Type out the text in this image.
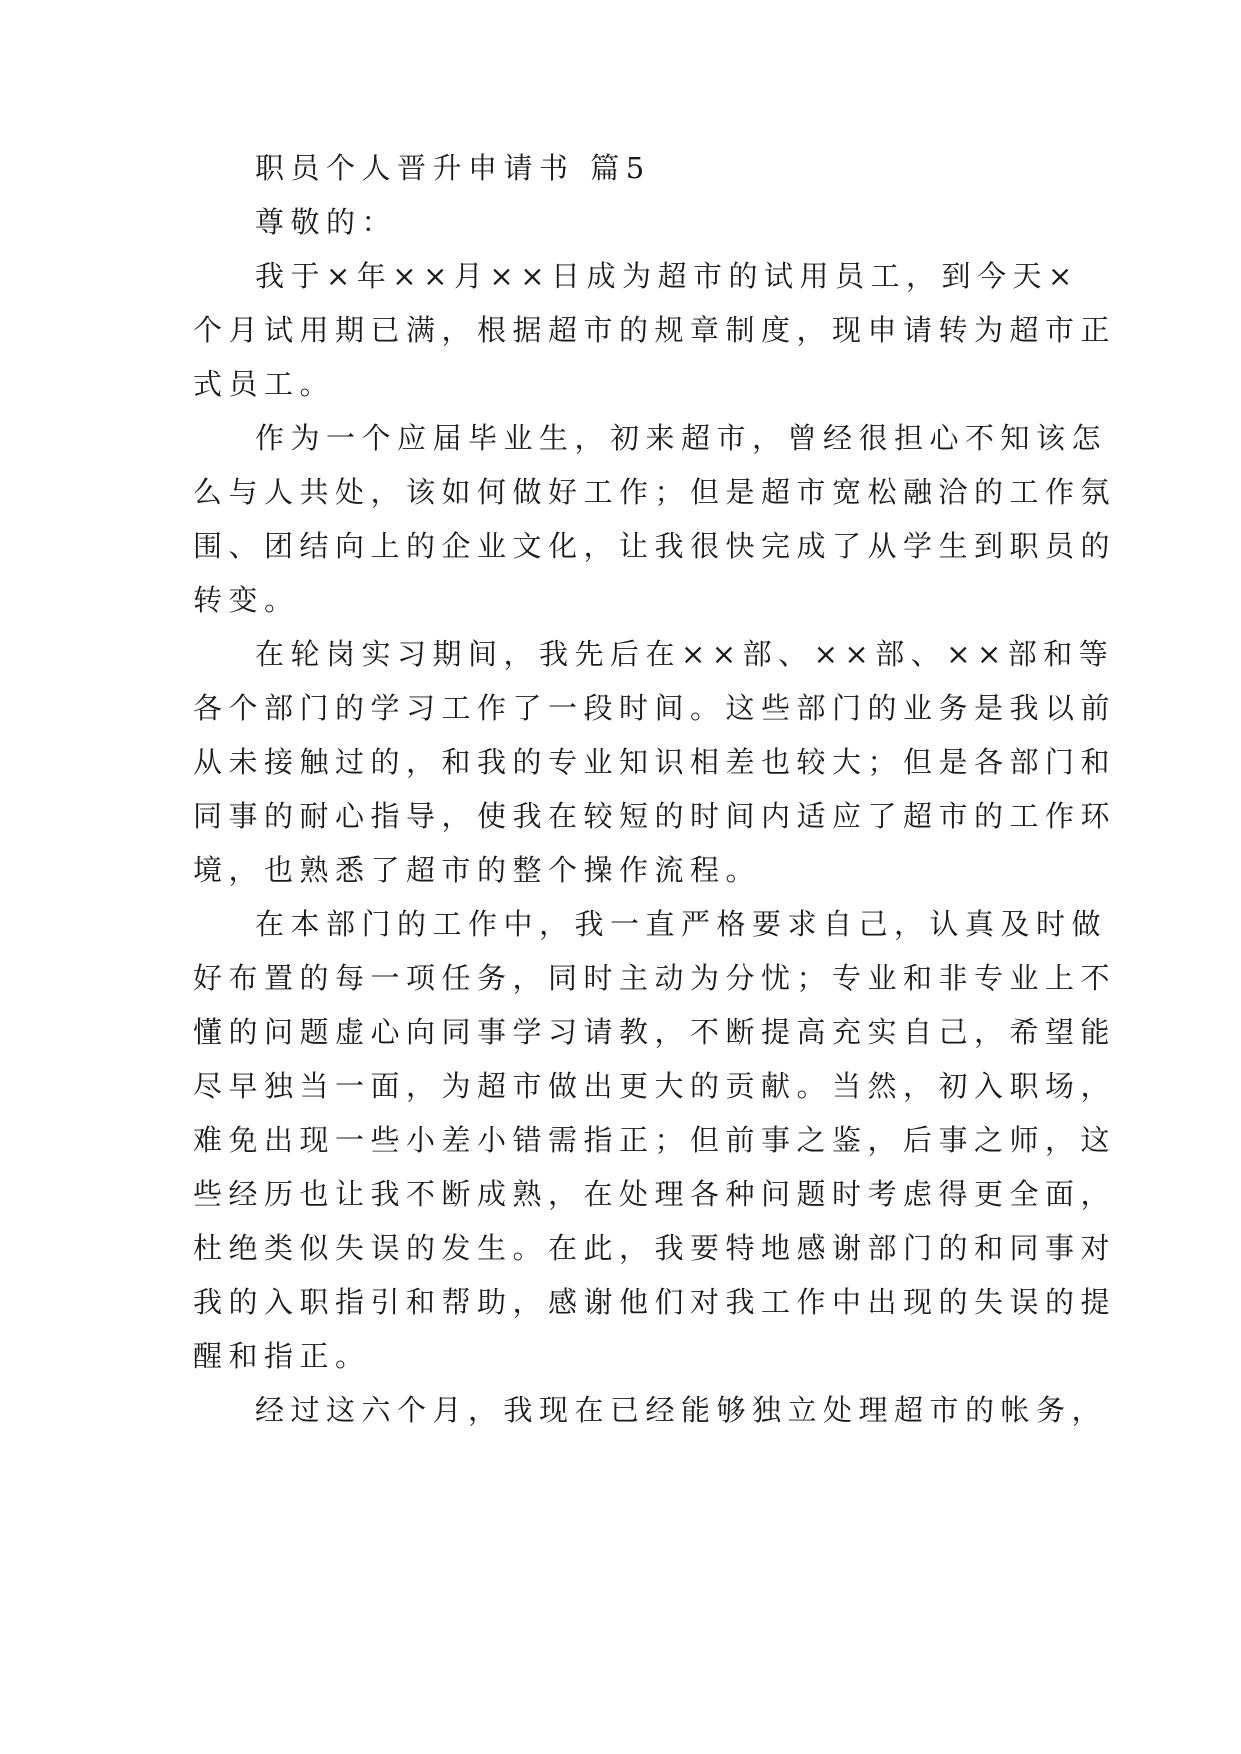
职员个人晋升申请书 篇5

尊敬的：

我于×年××月××日成为超市的试用员工，到今天×

个月试用期已满，根据超市的规章制度，现申请转为超市正

式员工。

作为一个应届毕业生，初来超市，曾经很担心不知该怎

么与人共处，该如何做好工作；但是超市宽松融洽的工作氛

围、团结向上的企业文化，让我很快完成了从学生到职员的

转变。

在轮岗实习期间，我先后在××部、××部、××部和等

各个部门的学习工作了一段时间。这些部门的业务是我以前

从未接触过的，和我的专业知识相差也较大；但是各部门和

同事的耐心指导，使我在较短的时间内适应了超市的工作环

境，也熟悉了超市的整个操作流程。

在本部门的工作中，我一直严格要求自己，认真及时做

好布置的每一项任务，同时主动为分忧；专业和非专业上不

懂的问题虚心向同事学习请教，不断提高充实自己，希望能

尽早独当一面，为超市做出更大的贡献。当然，初入职场，

难免出现一些小差小错需指正；但前事之鉴，后事之师，这

些经历也让我不断成熟，在处理各种问题时考虑得更全面，

杜绝类似失误的发生。在此，我要特地感谢部门的和同事对

我的入职指引和帮助，感谢他们对我工作中出现的失误的提

醒和指正。

经过这六个月，我现在已经能够独立处理超市的帐务，
